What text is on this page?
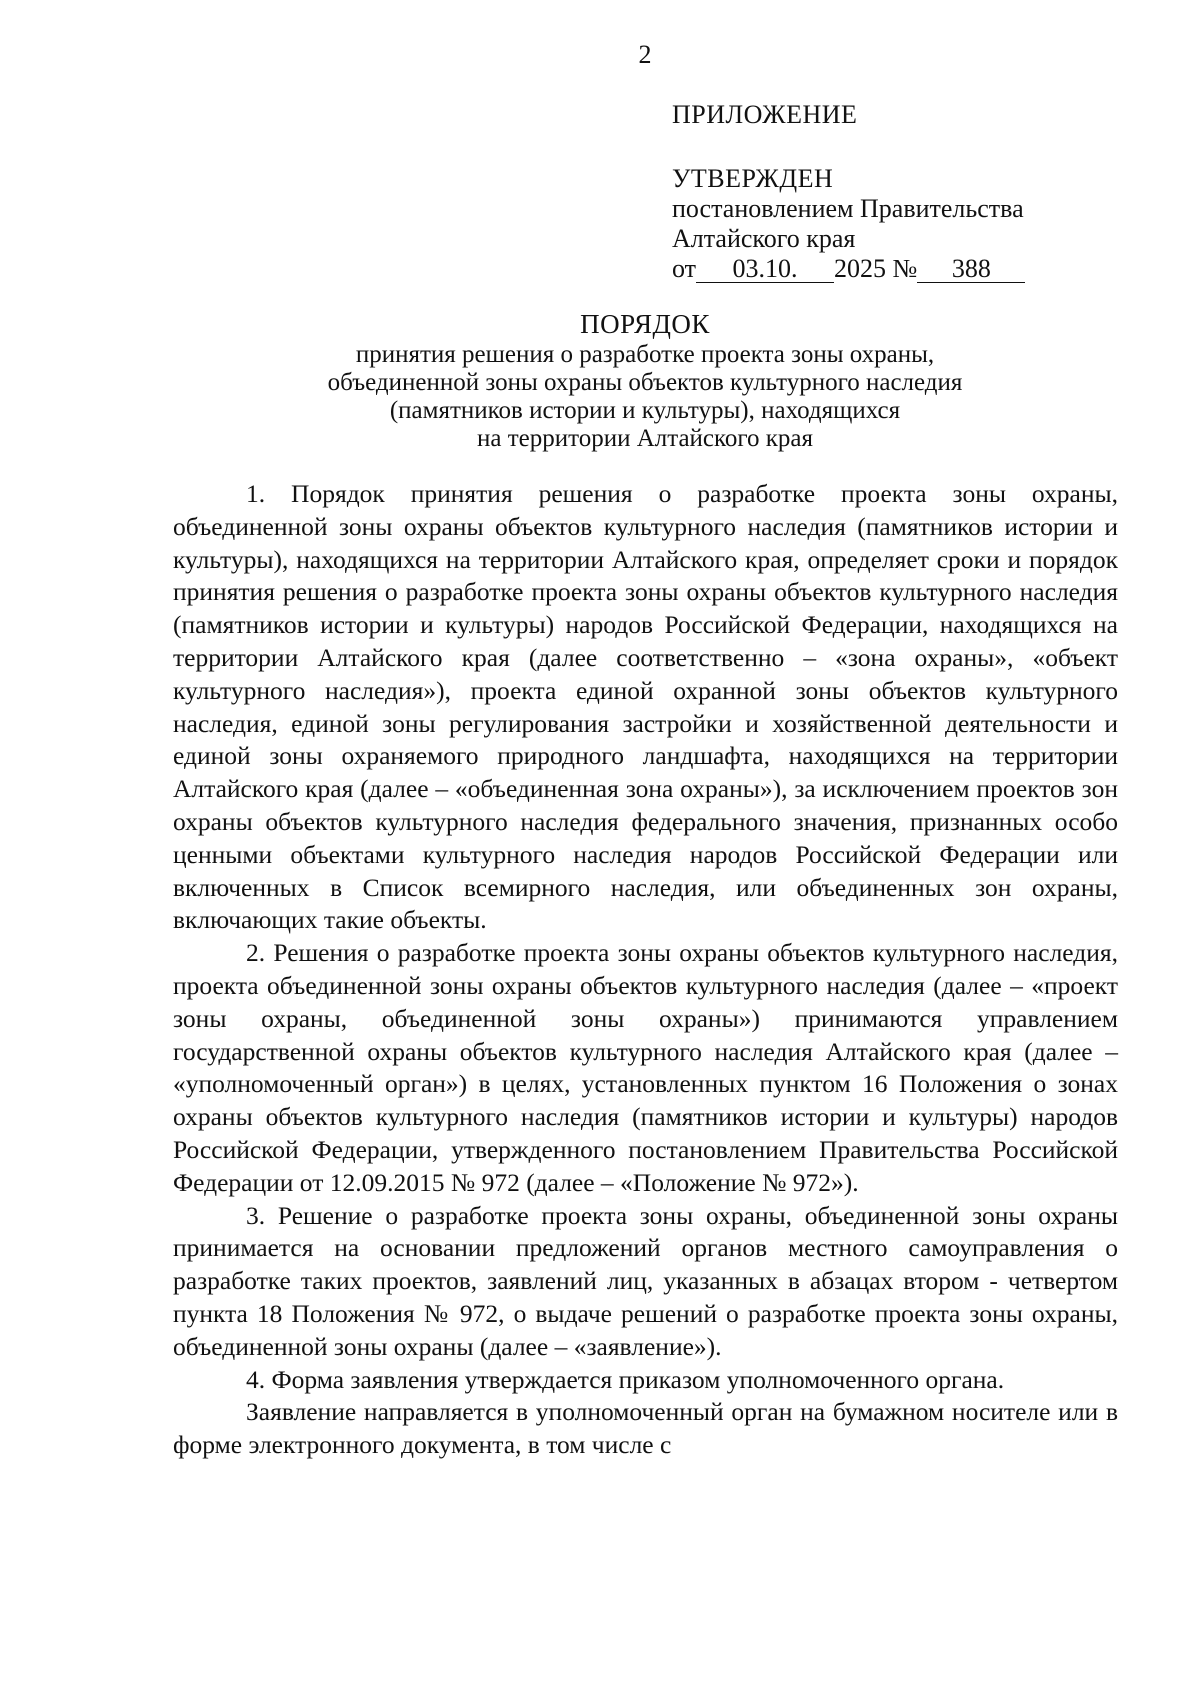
2
ПРИЛОЖЕНИЕ
УТВЕРЖДЕН
постановлением Правительства
Алтайского края
от 03.10. 2025 № 388
ПОРЯДОК
принятия решения о разработке проекта зоны охраны,
объединенной зоны охраны объектов культурного наследия
(памятников истории и культуры), находящихся
на территории Алтайского края

1. Порядок принятия решения о разработке проекта зоны охраны, объединенной зоны охраны объектов культурного наследия (памятников истории и культуры), находящихся на территории Алтайского края, определяет сроки и порядок принятия решения о разработке проекта зоны охраны объектов культурного наследия (памятников истории и культуры) народов Российской Федерации, находящихся на территории Алтайского края (далее соответственно – «зона охраны», «объект культурного наследия»), проекта единой охранной зоны объектов культурного наследия, единой зоны регулирования застройки и хозяйственной деятельности и единой зоны охраняемого природного ландшафта, находящихся на территории Алтайского края (далее – «объединенная зона охраны»), за исключением проектов зон охраны объектов культурного наследия федерального значения, признанных особо ценными объектами культурного наследия народов Российской Федерации или включенных в Список всемирного наследия, или объединенных зон охраны, включающих такие объекты.

2. Решения о разработке проекта зоны охраны объектов культурного наследия, проекта объединенной зоны охраны объектов культурного наследия (далее – «проект зоны охраны, объединенной зоны охраны») принимаются управлением государственной охраны объектов культурного наследия Алтайского края (далее – «уполномоченный орган») в целях, установленных пунктом 16 Положения о зонах охраны объектов культурного наследия (памятников истории и культуры) народов Российской Федерации, утвержденного постановлением Правительства Российской Федерации от 12.09.2015 № 972 (далее – «Положение № 972»).

3. Решение о разработке проекта зоны охраны, объединенной зоны охраны принимается на основании предложений органов местного самоуправления о разработке таких проектов, заявлений лиц, указанных в абзацах втором - четвертом пункта 18 Положения № 972, о выдаче решений о разработке проекта зоны охраны, объединенной зоны охраны (далее – «заявление»).

4. Форма заявления утверждается приказом уполномоченного органа.

Заявление направляется в уполномоченный орган на бумажном носителе или в форме электронного документа, в том числе с
